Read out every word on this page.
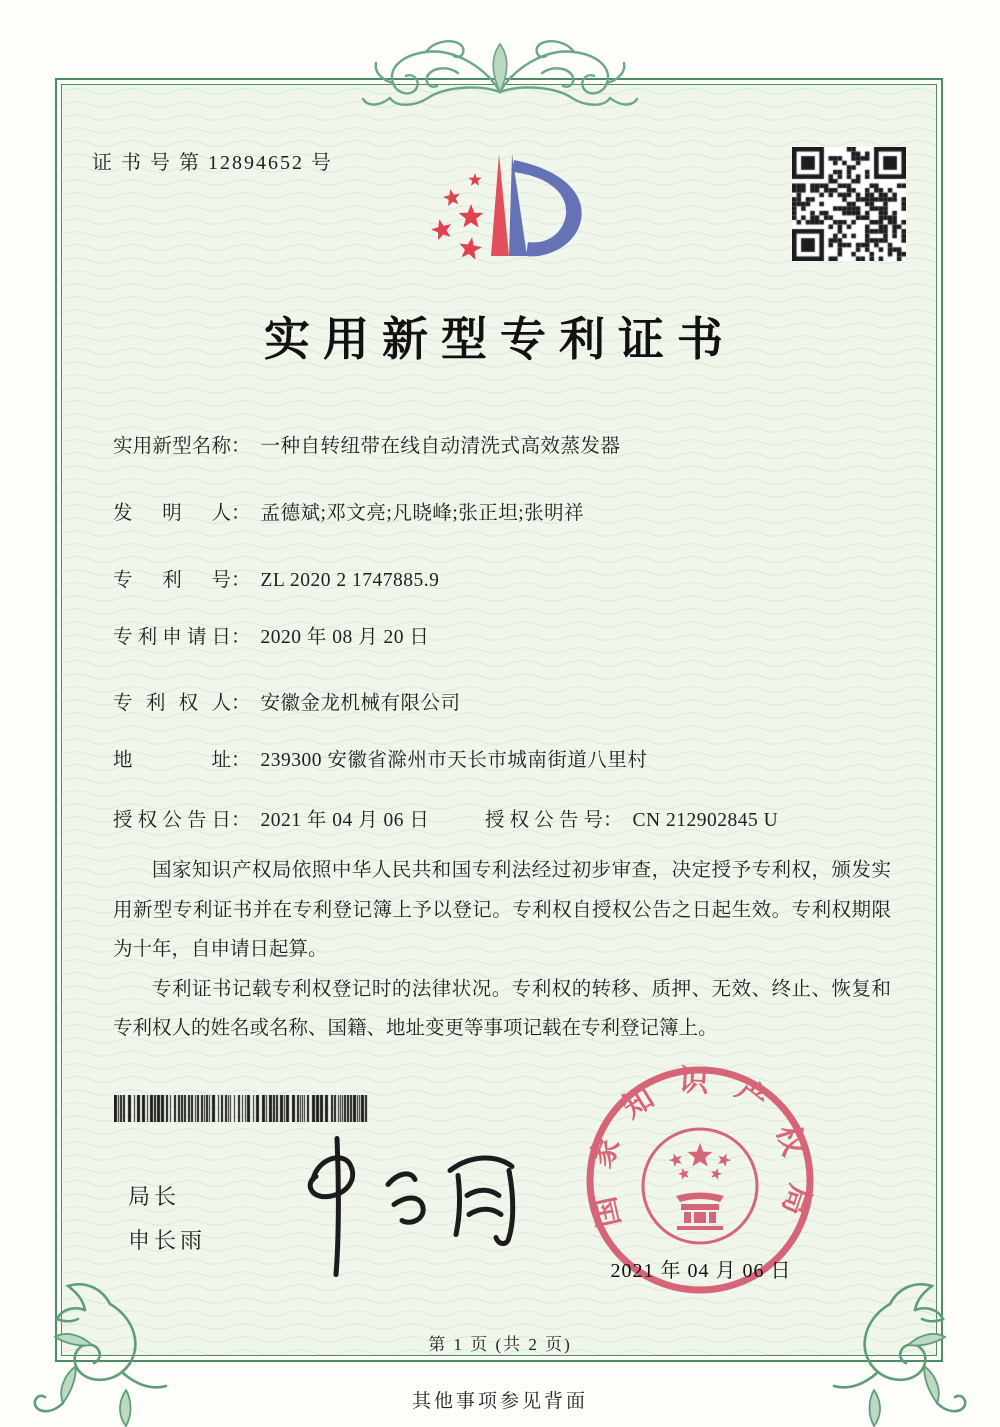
证 书 号 第 12894652 号
实用新型专利证书
实 用 新 型 名 称 ： 一种自转纽带在线自动清洗式高效蒸发器
发 明 人 ： 孟德斌;邓文亮;凡晓峰;张正坦;张明祥
专 利 号 ： ZL 2020 2 1747885.9
专 利 申 请 日 ： 2020 年 08 月 20 日
专 利 权 人 ： 安徽金龙机械有限公司
地	址 ： 239300 安徽省滁州市天长市城南街道八里村
授 权 公 告 日 ： 2021 年 04 月 06 日	授 权 公 告 号 ： CN 212902845 U

国家知识产权局依照中华人民共和国专利法经过初步审查，决定授予专利权，颁发实用新型专利证书并在专利登记簿上予以登记。专利权自授权公告之日起生效。专利权期限为十年，自申请日起算。

专利证书记载专利权登记时的法律状况。专利权的转移、质押、无效、终止、恢复和专利权人的姓名或名称、国籍、地址变更等事项记载在专利登记簿上。

局长
申长雨
国家知识产权局
2021 年 04 月 06 日
第 1 页 (共 2 页)
其他事项参见背面
